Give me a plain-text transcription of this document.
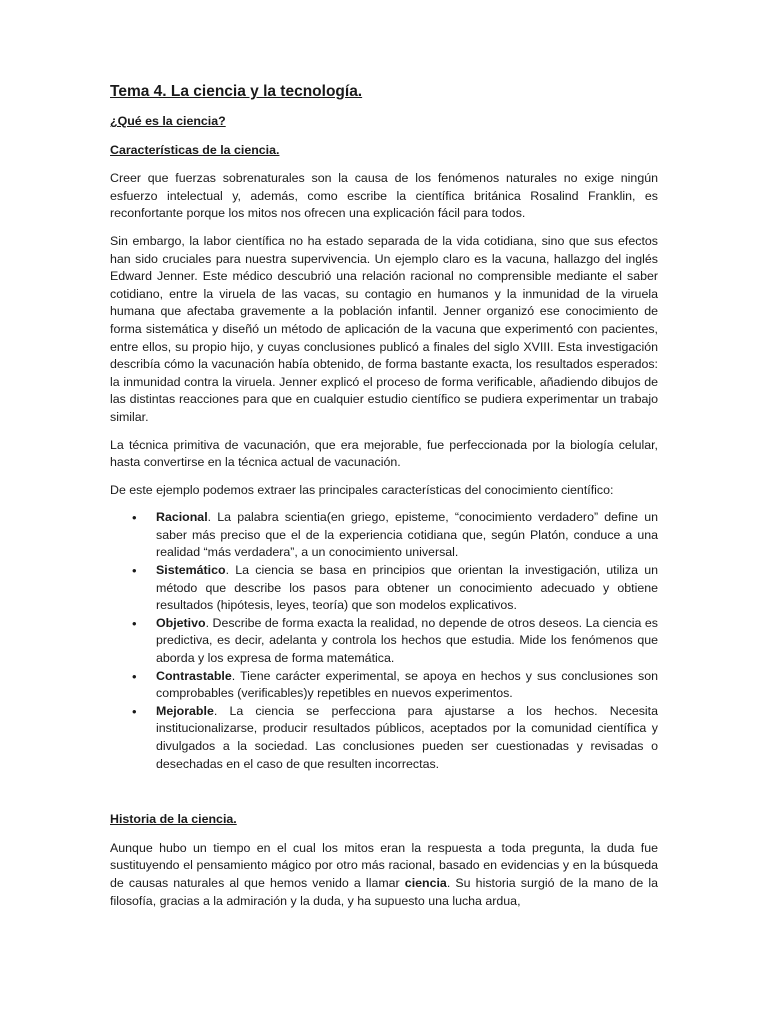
Tema 4. La ciencia y la tecnología.
¿Qué es la ciencia?
Características de la ciencia.

Creer que fuerzas sobrenaturales son la causa de los fenómenos naturales no exige ningún esfuerzo intelectual y, además, como escribe la científica británica Rosalind Franklin, es reconfortante porque los mitos nos ofrecen una explicación fácil para todos.

Sin embargo, la labor científica no ha estado separada de la vida cotidiana, sino que sus efectos han sido cruciales para nuestra supervivencia. Un ejemplo claro es la vacuna, hallazgo del inglés Edward Jenner. Este médico descubrió una relación racional no comprensible mediante el saber cotidiano, entre la viruela de las vacas, su contagio en humanos y la inmunidad de la viruela humana que afectaba gravemente a la población infantil. Jenner organizó ese conocimiento de forma sistemática y diseñó un método de aplicación de la vacuna que experimentó con pacientes, entre ellos, su propio hijo, y cuyas conclusiones publicó a finales del siglo XVIII. Esta investigación describía cómo la vacunación había obtenido, de forma bastante exacta, los resultados esperados: la inmunidad contra la viruela. Jenner explicó el proceso de forma verificable, añadiendo dibujos de las distintas reacciones para que en cualquier estudio científico se pudiera experimentar un trabajo similar.

La técnica primitiva de vacunación, que era mejorable, fue perfeccionada por la biología celular, hasta convertirse en la técnica actual de vacunación.

De este ejemplo podemos extraer las principales características del conocimiento científico:

• Racional. La palabra scientia(en griego, episteme, “conocimiento verdadero” define un saber más preciso que el de la experiencia cotidiana que, según Platón, conduce a una realidad “más verdadera”, a un conocimiento universal.
• Sistemático. La ciencia se basa en principios que orientan la investigación, utiliza un método que describe los pasos para obtener un conocimiento adecuado y obtiene resultados (hipótesis, leyes, teoría) que son modelos explicativos.
• Objetivo. Describe de forma exacta la realidad, no depende de otros deseos. La ciencia es predictiva, es decir, adelanta y controla los hechos que estudia. Mide los fenómenos que aborda y los expresa de forma matemática.
• Contrastable. Tiene carácter experimental, se apoya en hechos y sus conclusiones son comprobables (verificables)y repetibles en nuevos experimentos.
• Mejorable. La ciencia se perfecciona para ajustarse a los hechos. Necesita institucionalizarse, producir resultados públicos, aceptados por la comunidad científica y divulgados a la sociedad. Las conclusiones pueden ser cuestionadas y revisadas o desechadas en el caso de que resulten incorrectas.
Historia de la ciencia.

Aunque hubo un tiempo en el cual los mitos eran la respuesta a toda pregunta, la duda fue sustituyendo el pensamiento mágico por otro más racional, basado en evidencias y en la búsqueda de causas naturales al que hemos venido a llamar ciencia. Su historia surgió de la mano de la filosofía, gracias a la admiración y la duda, y ha supuesto una lucha ardua,
